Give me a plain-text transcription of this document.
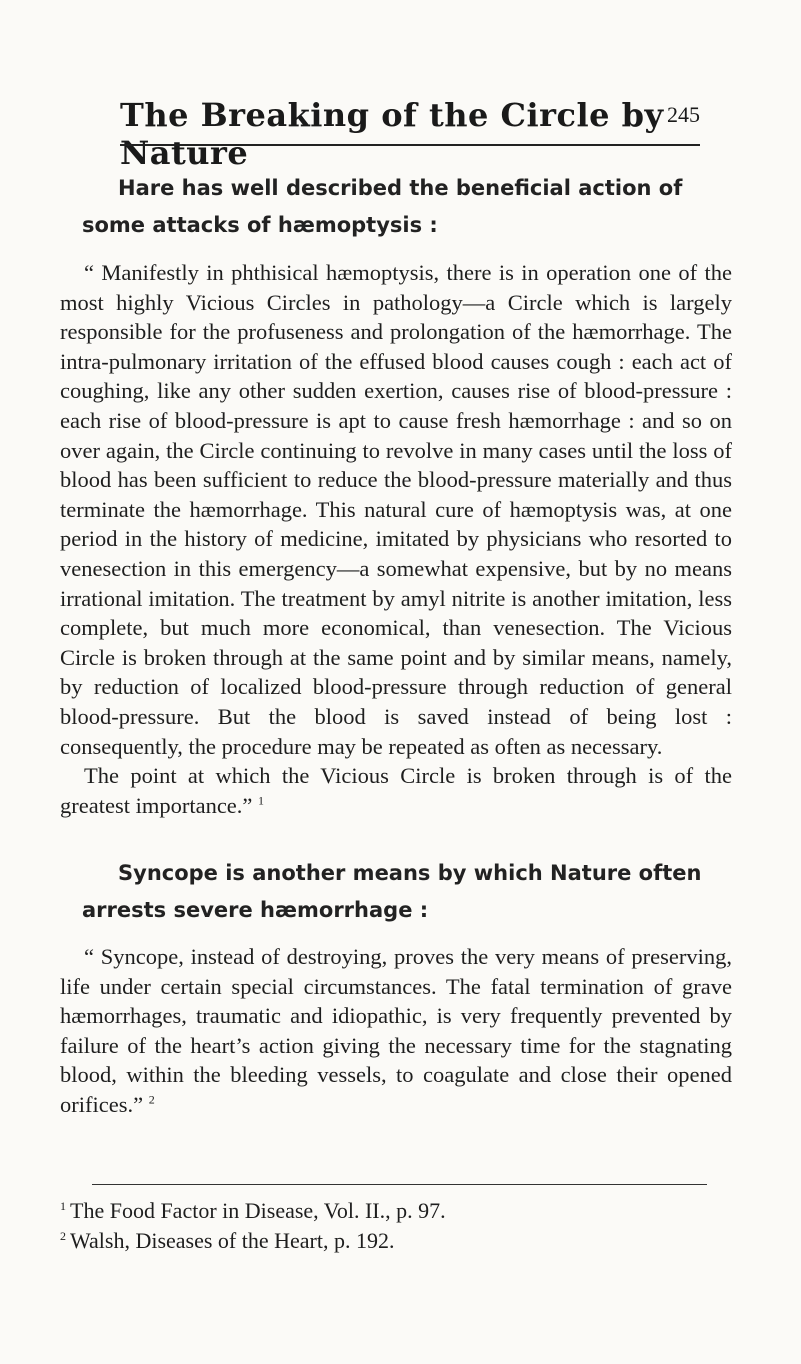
The Breaking of the Circle by Nature
245
Hare has well described the beneficial action of
some attacks of hæmoptysis :

“ Manifestly in phthisical hæmoptysis, there is in operation one of the most highly Vicious Circles in pathology—a Circle which is largely responsible for the profuseness and prolongation of the hæmorrhage. The intra-pulmonary irritation of the effused blood causes cough : each act of coughing, like any other sudden exertion, causes rise of blood-pressure : each rise of blood-pressure is apt to cause fresh hæmorrhage : and so on over again, the Circle continuing to revolve in many cases until the loss of blood has been sufficient to reduce the blood-pressure materially and thus terminate the hæmorrhage. This natural cure of hæmoptysis was, at one period in the history of medicine, imitated by physicians who resorted to venesection in this emergency—a somewhat expensive, but by no means irrational imitation. The treatment by amyl nitrite is another imitation, less complete, but much more economical, than venesection. The Vicious Circle is broken through at the same point and by similar means, namely, by reduction of localized blood-pressure through reduction of general blood-pressure. But the blood is saved instead of being lost : consequently, the procedure may be repeated as often as necessary.

The point at which the Vicious Circle is broken through is of the greatest importance.” $^1$

Syncope is another means by which Nature often
arrests severe hæmorrhage :

“ Syncope, instead of destroying, proves the very means of preserving, life under certain special circumstances. The fatal termination of grave hæmorrhages, traumatic and idiopathic, is very frequently prevented by failure of the heart’s action giving the necessary time for the stagnating blood, within the bleeding vessels, to coagulate and close their opened orifices.” $^2$

$^1$ The Food Factor in Disease, Vol. II., p. 97.

$^2$ Walsh, Diseases of the Heart, p. 192.
